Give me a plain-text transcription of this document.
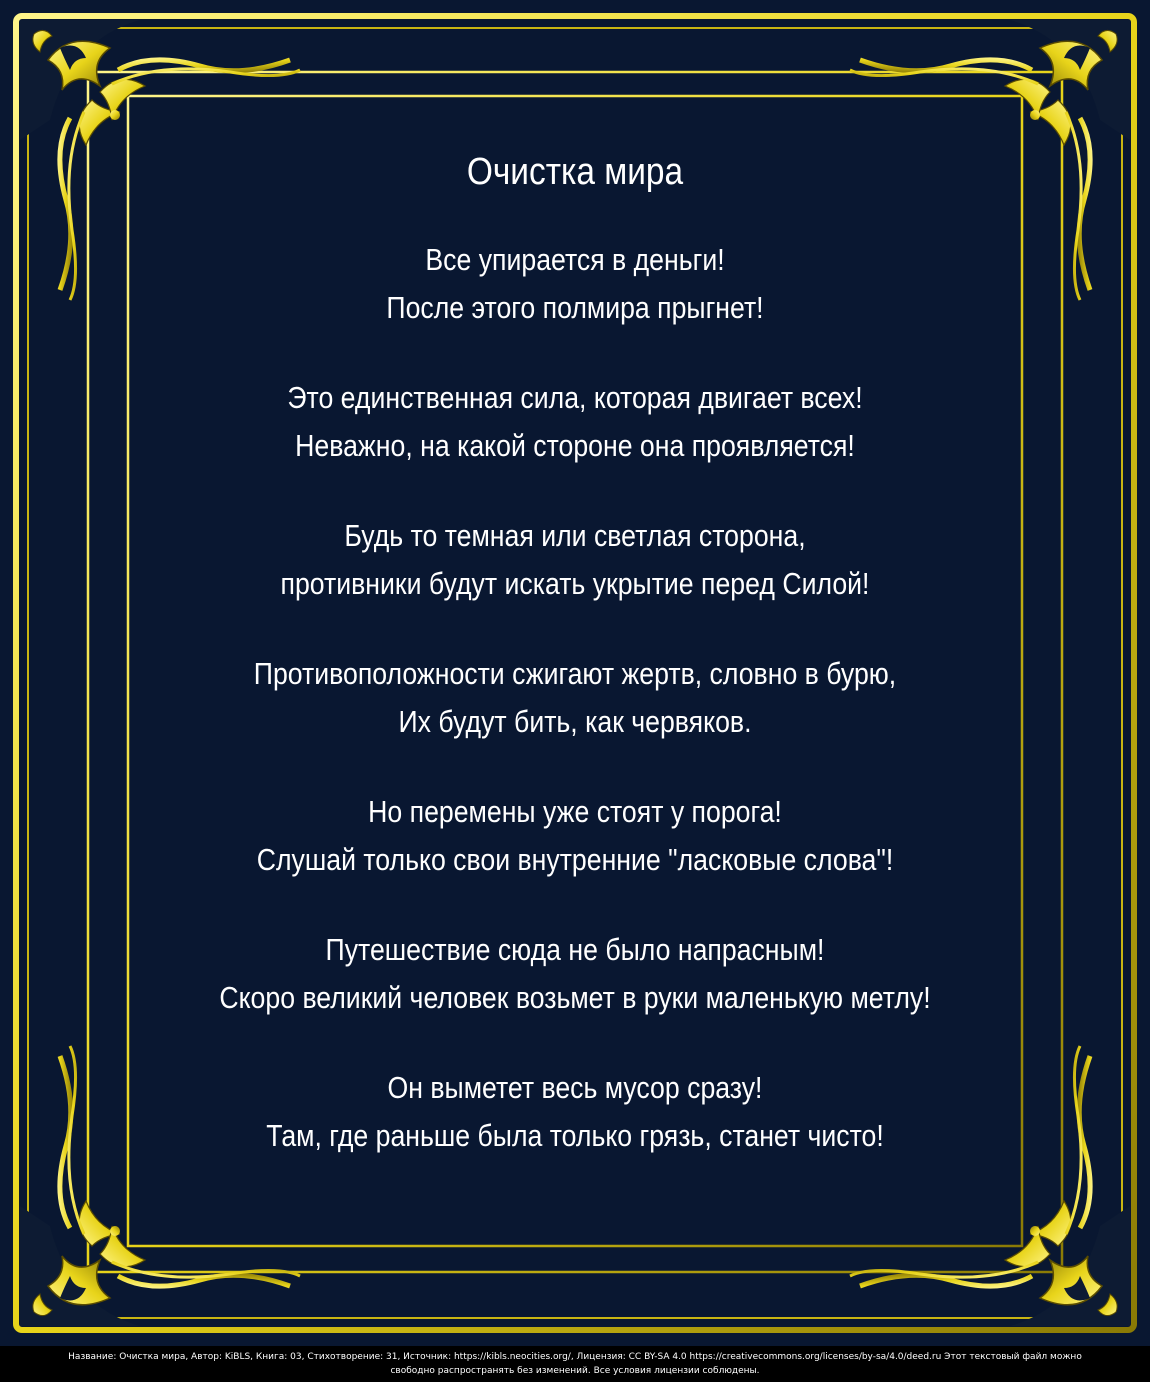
Очистка мира
Все упирается в деньги!
После этого полмира прыгнет!
Это единственная сила, которая двигает всех!
Неважно, на какой стороне она проявляется!
Будь то темная или светлая сторона,
противники будут искать укрытие перед Силой!
Противоположности сжигают жертв, словно в бурю,
Их будут бить, как червяков.
Но перемены уже стоят у порога!
Слушай только свои внутренние "ласковые слова"!
Путешествие сюда не было напрасным!
Скоро великий человек возьмет в руки маленькую метлу!
Он выметет весь мусор сразу!
Там, где раньше была только грязь, станет чисто!
Название: Очистка мира, Автор: KiBLS, Книга: 03, Стихотворение: 31, Источник: https://kibls.neocities.org/, Лицензия: CC BY-SA 4.0 https://creativecommons.org/licenses/by-sa/4.0/deed.ru Этот текстовый файл можно
свободно распространять без изменений. Все условия лицензии соблюдены.
